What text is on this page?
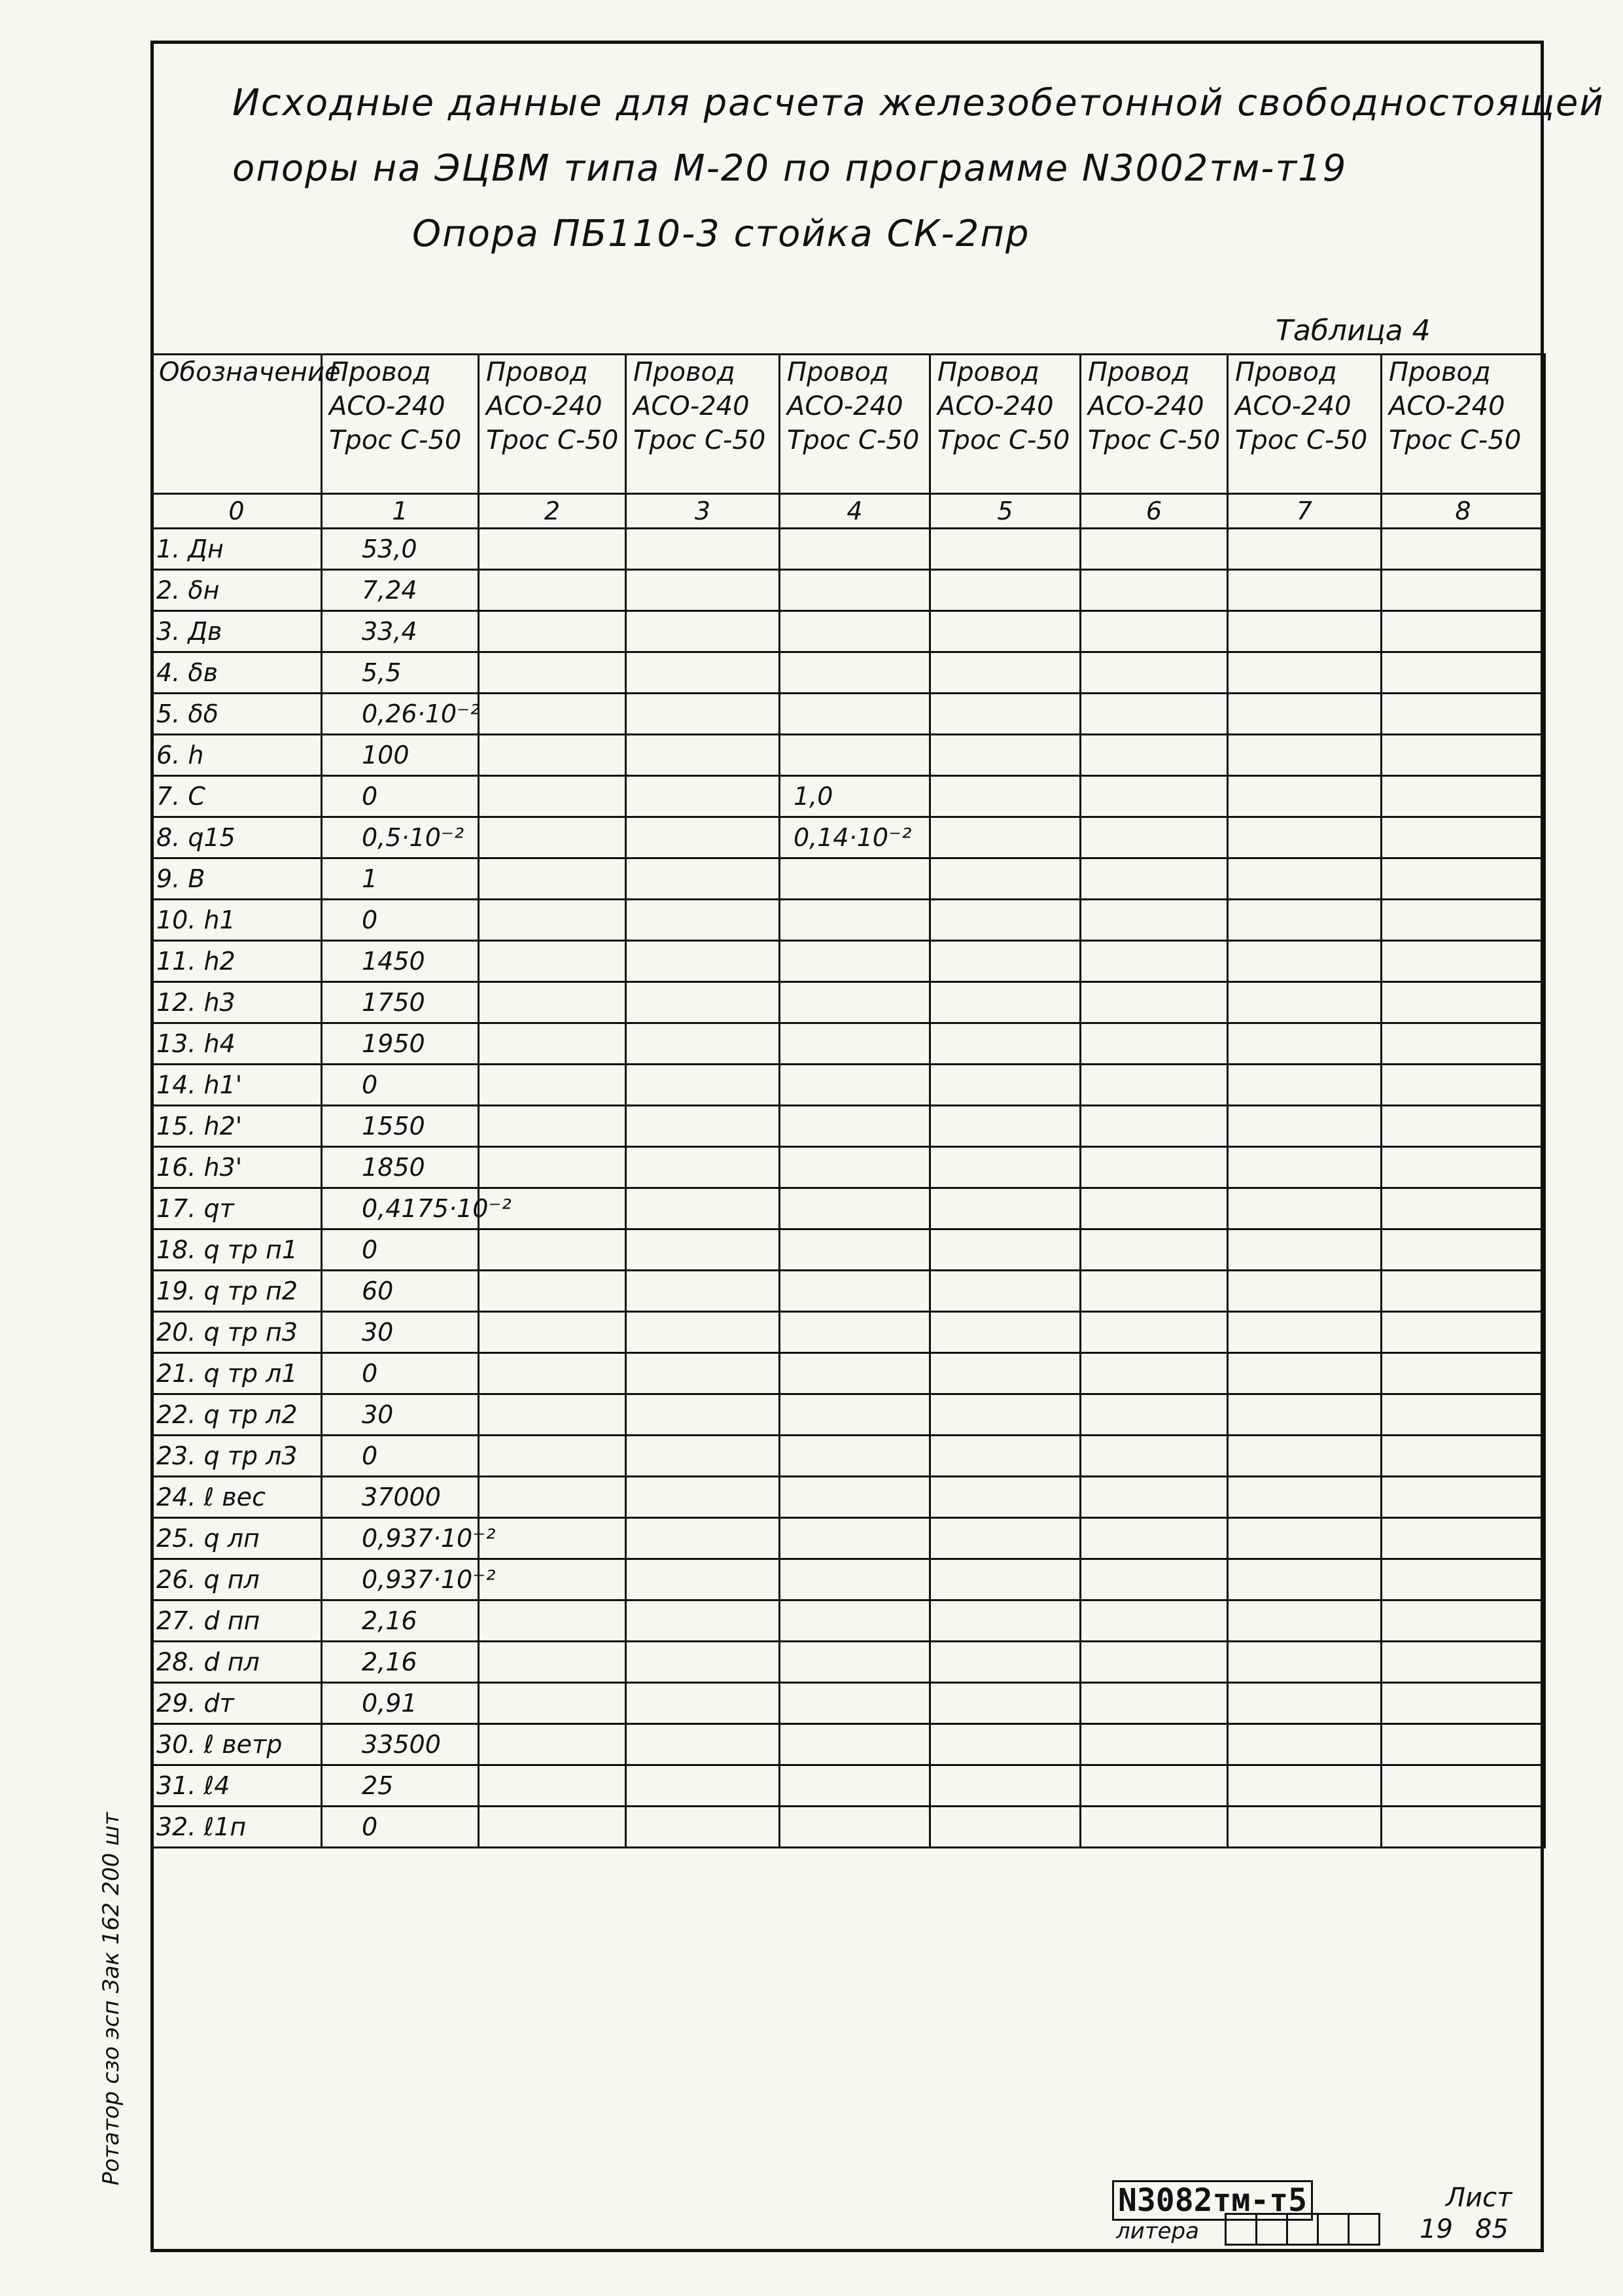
Исходные данные для расчета железобетонной свободностоящей
опоры на ЭЦВМ типа М-20 по программе N3002тм-т19
Опора ПБ110-3 стойка СК-2пр
Таблица 4
Обозначение	Провод
АСО-240
Трос С-50	Провод
АСО-240
Трос С-50	Провод
АСО-240
Трос С-50	Провод
АСО-240
Трос С-50	Провод
АСО-240
Трос С-50	Провод
АСО-240
Трос С-50	Провод
АСО-240
Трос С-50	Провод
АСО-240
Трос С-50

0	1	2	3	4	5	6	7	8
1. Дн	53,0							
2. δн	7,24							
3. Дв	33,4							
4. δв	5,5							
5. δδ	0,26·10⁻²							
6. h	100							
7. C	0			1,0				
8. q15	0,5·10⁻²			0,14·10⁻²				
9. B	1							
10. h1	0							
11. h2	1450							
12. h3	1750							
13. h4	1950							
14. h1'	0							
15. h2'	1550							
16. h3'	1850							
17. qт	0,4175·10⁻²							
18. q тр п1	0							
19. q тр п2	60							
20. q тр п3	30							
21. q тр л1	0							
22. q тр л2	30							
23. q тр л3	0							
24. ℓ вес	37000							
25. q лп	0,937·10⁻²							
26. q пл	0,937·10⁻²							
27. d пп	2,16							
28. d пл	2,16							
29. dт	0,91							
30. ℓ ветр	33500							
31. ℓ4	25							
32. ℓ1п	0							
N3082тм-т5	Лист
литера	19 85
Ротатор сзо эсп Зак 162 200 шт
